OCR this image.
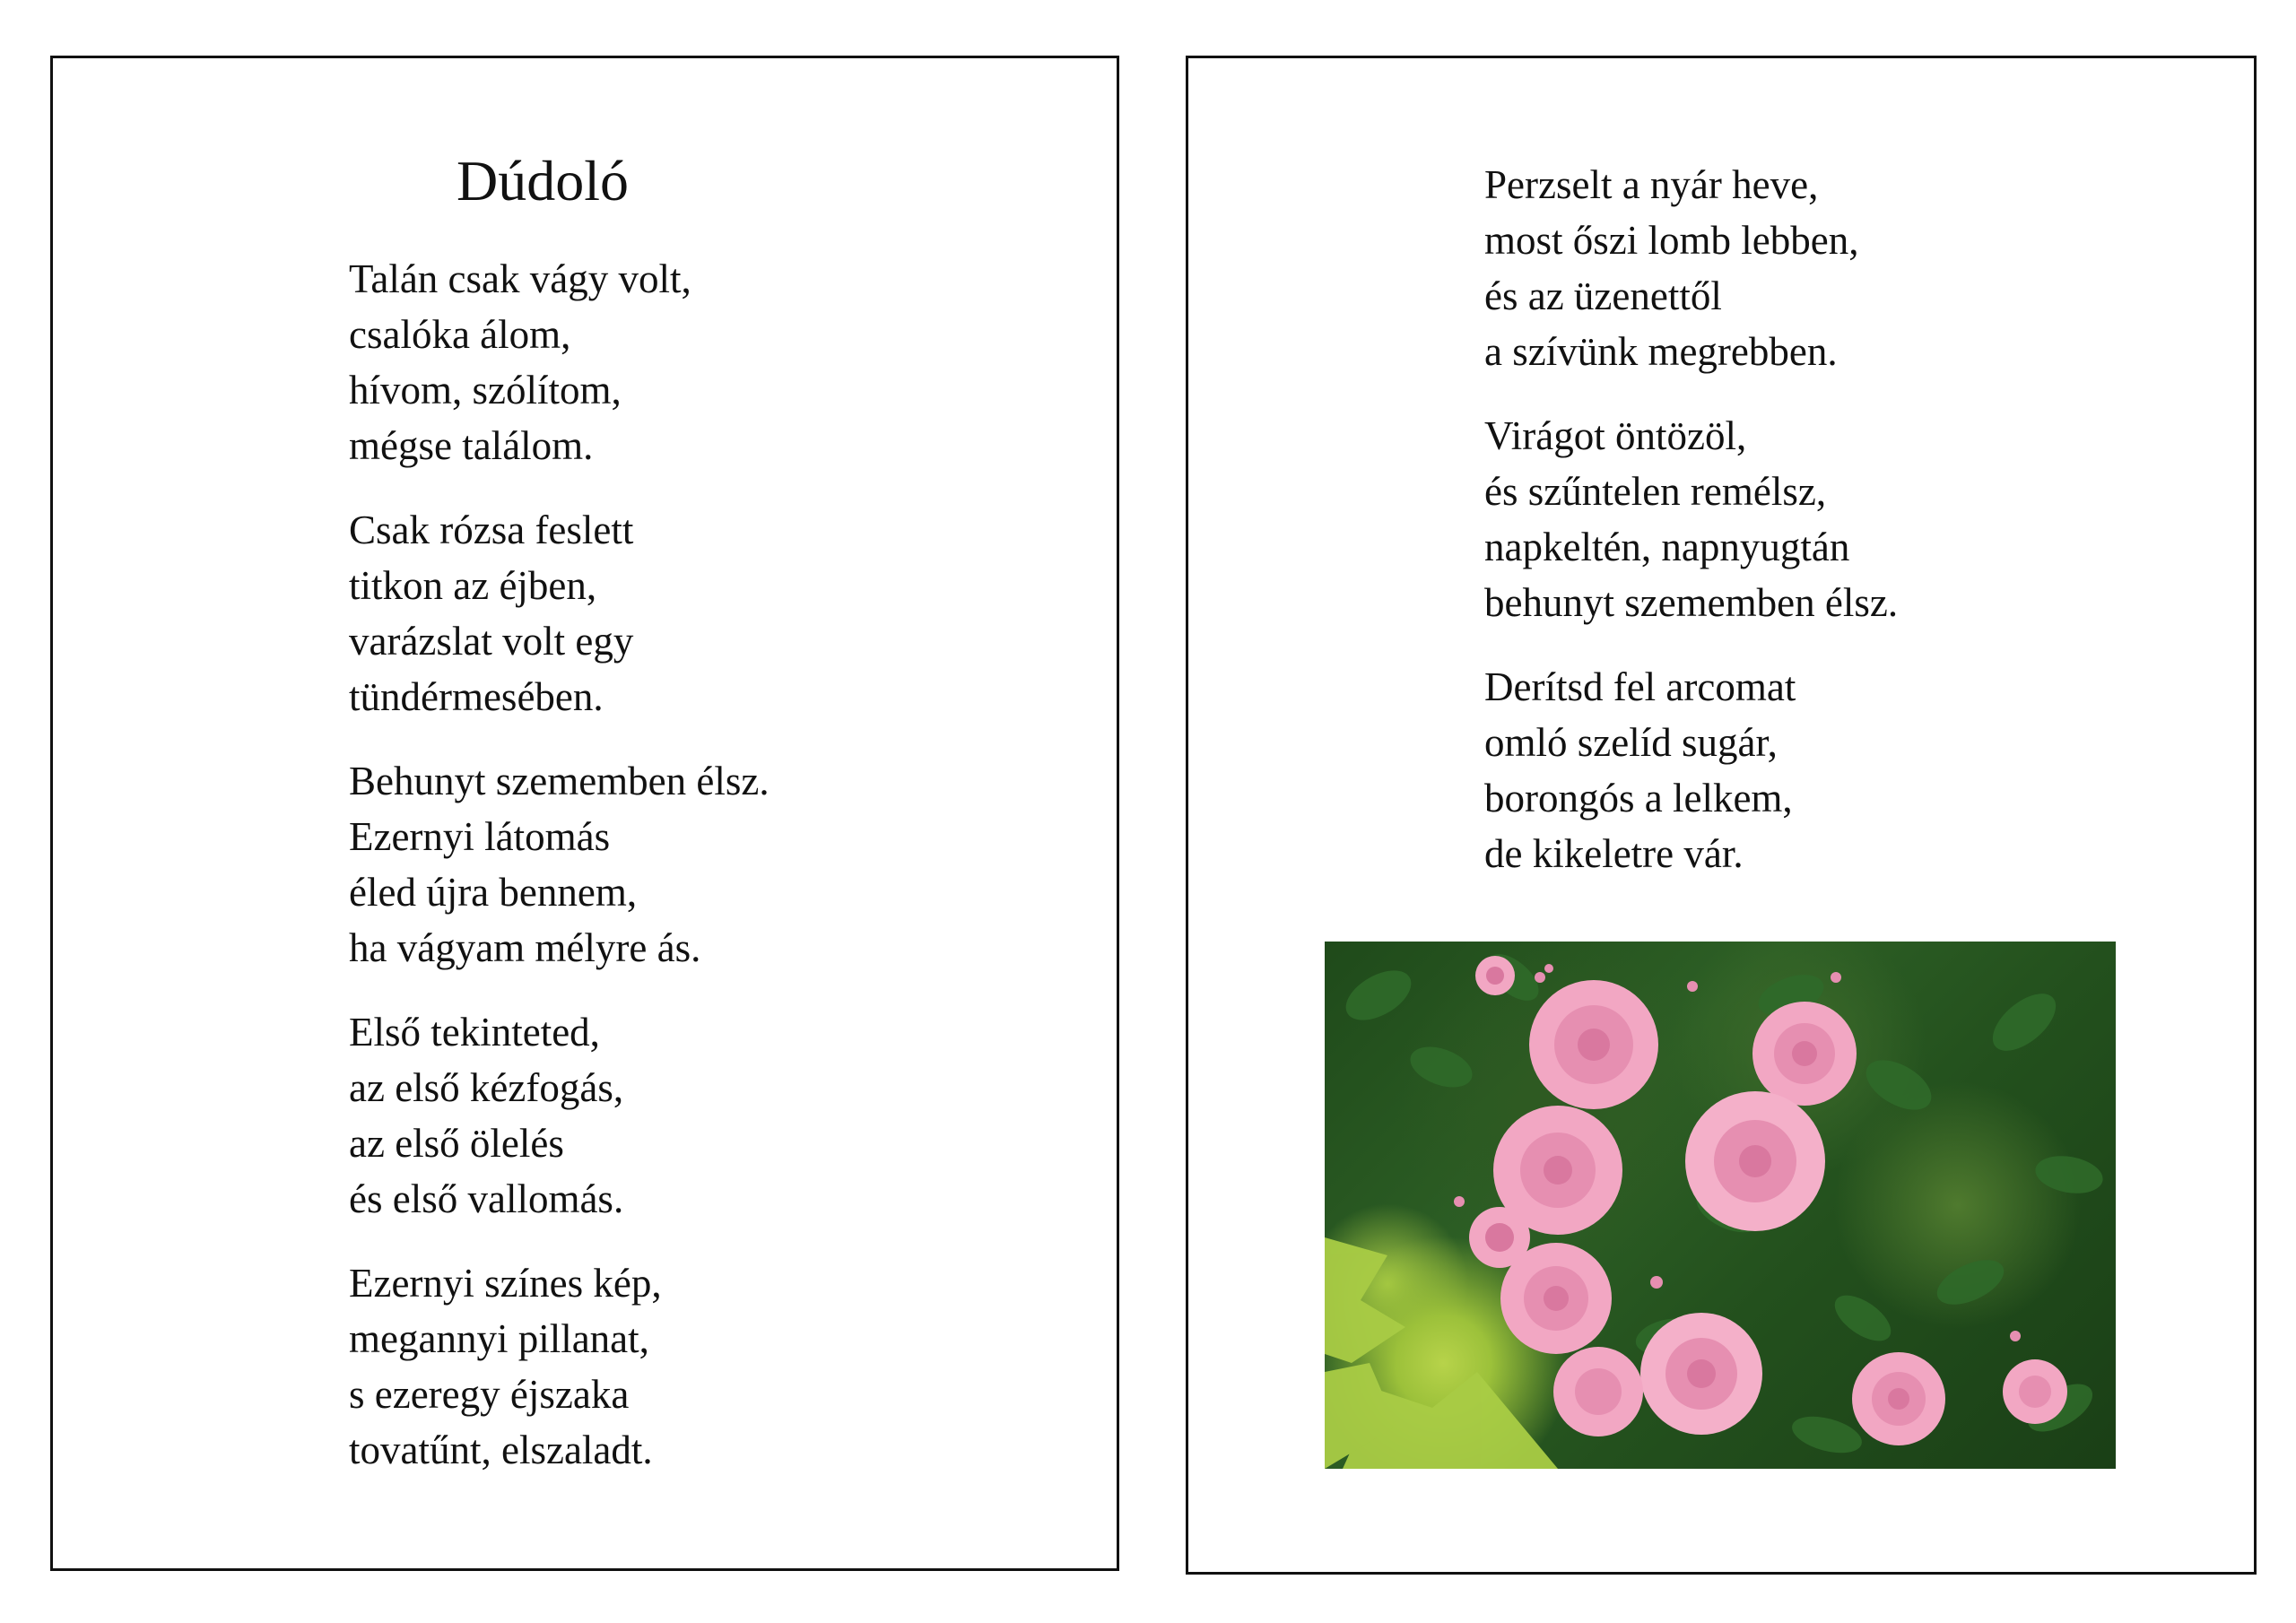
Dúdoló
Talán csak vágy volt,
csalóka álom,
hívom, szólítom,
mégse találom.
Csak rózsa feslett
titkon az éjben,
varázslat volt egy
tündérmesében.
Behunyt szememben élsz.
Ezernyi látomás
éled újra bennem,
ha vágyam mélyre ás.
Első tekinteted,
az első kézfogás,
az első ölelés
és első vallomás.
Ezernyi színes kép,
megannyi pillanat,
s ezeregy éjszaka
tovatűnt, elszaladt.
Perzselt a nyár heve,
most őszi lomb lebben,
és az üzenettől
a szívünk megrebben.
Virágot öntözöl,
és szűntelen remélsz,
napkeltén, napnyugtán
behunyt szememben élsz.
Derítsd fel arcomat
omló szelíd sugár,
borongós a lelkem,
de kikeletre vár.
